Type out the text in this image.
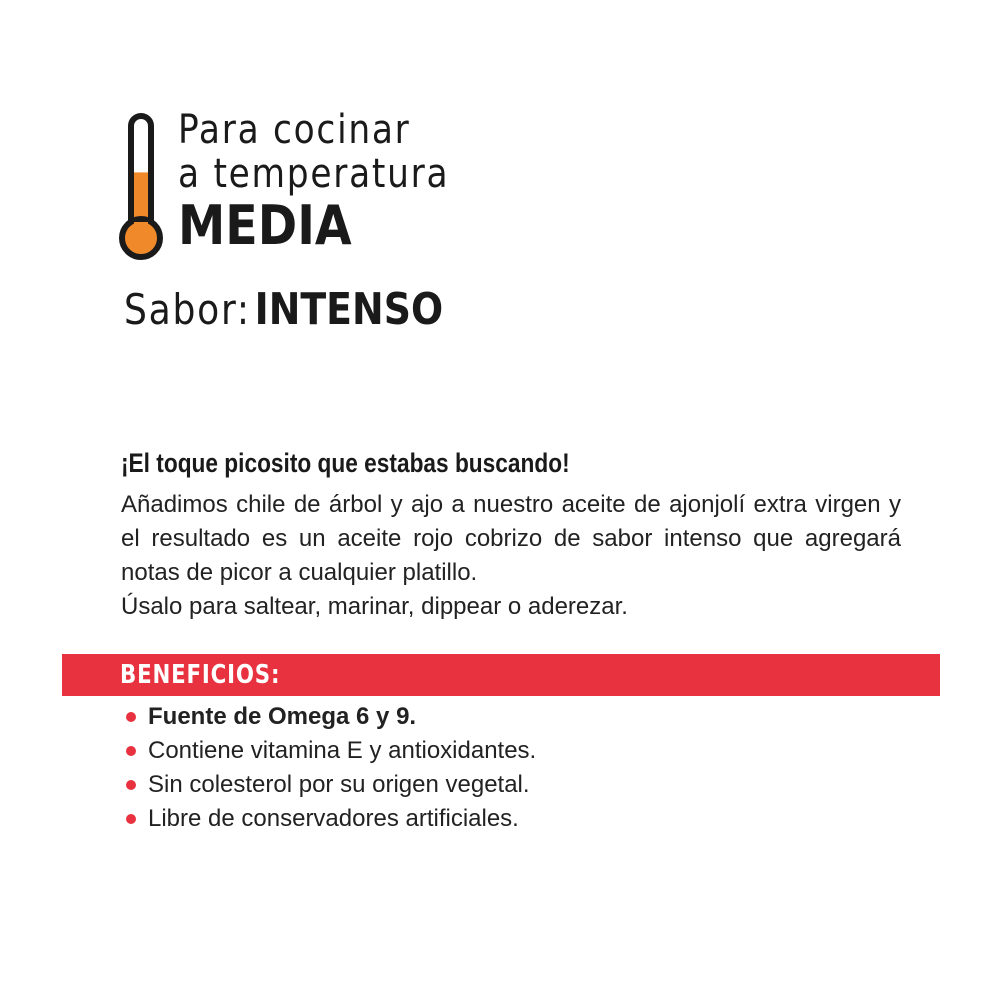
Para cocinar
a temperatura
MEDIA
Sabor: INTENSO
¡El toque picosito que estabas buscando!

Añadimos chile de árbol y ajo a nuestro aceite de ajonjolí extra virgen y el resultado es un aceite rojo cobrizo de sabor intenso que agregará notas de picor a cualquier platillo.

Úsalo para saltear, marinar, dippear o aderezar.
BENEFICIOS:
Fuente de Omega 6 y 9.
Contiene vitamina E y antioxidantes.
Sin colesterol por su origen vegetal.
Libre de conservadores artificiales.
